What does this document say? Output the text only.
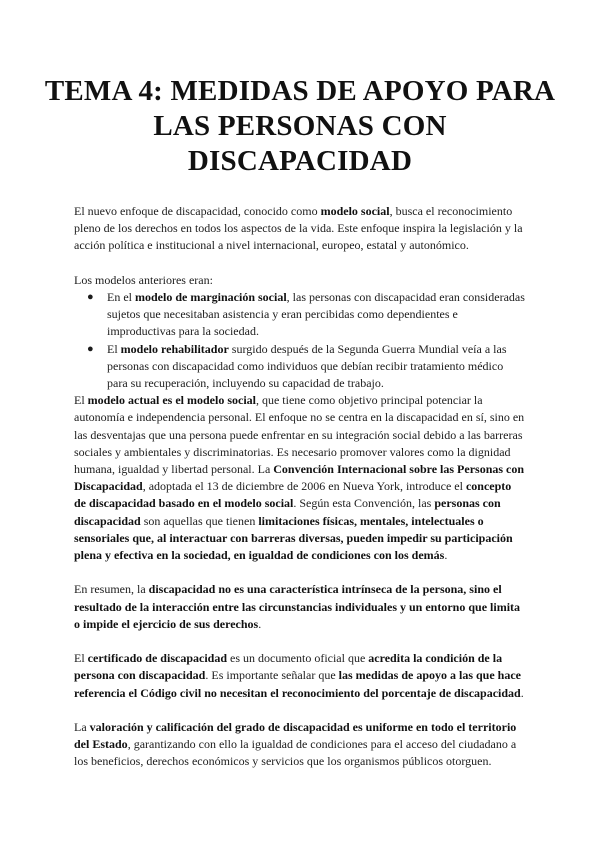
TEMA 4: MEDIDAS DE APOYO PARA LAS PERSONAS CON DISCAPACIDAD

El nuevo enfoque de discapacidad, conocido como modelo social, busca el reconocimiento pleno de los derechos en todos los aspectos de la vida. Este enfoque inspira la legislación y la acción política e institucional a nivel internacional, europeo, estatal y autonómico.

Los modelos anteriores eran:

● En el modelo de marginación social, las personas con discapacidad eran consideradas sujetos que necesitaban asistencia y eran percibidas como dependientes e improductivas para la sociedad.
● El modelo rehabilitador surgido después de la Segunda Guerra Mundial veía a las personas con discapacidad como individuos que debían recibir tratamiento médico para su recuperación, incluyendo su capacidad de trabajo.

El modelo actual es el modelo social, que tiene como objetivo principal potenciar la autonomía e independencia personal. El enfoque no se centra en la discapacidad en sí, sino en las desventajas que una persona puede enfrentar en su integración social debido a las barreras sociales y ambientales y discriminatorias. Es necesario promover valores como la dignidad humana, igualdad y libertad personal. La Convención Internacional sobre las Personas con Discapacidad, adoptada el 13 de diciembre de 2006 en Nueva York, introduce el concepto de discapacidad basado en el modelo social. Según esta Convención, las personas con discapacidad son aquellas que tienen limitaciones físicas, mentales, intelectuales o sensoriales que, al interactuar con barreras diversas, pueden impedir su participación plena y efectiva en la sociedad, en igualdad de condiciones con los demás.

En resumen, la discapacidad no es una característica intrínseca de la persona, sino el resultado de la interacción entre las circunstancias individuales y un entorno que limita o impide el ejercicio de sus derechos.

El certificado de discapacidad es un documento oficial que acredita la condición de la persona con discapacidad. Es importante señalar que las medidas de apoyo a las que hace referencia el Código civil no necesitan el reconocimiento del porcentaje de discapacidad.

La valoración y calificación del grado de discapacidad es uniforme en todo el territorio del Estado, garantizando con ello la igualdad de condiciones para el acceso del ciudadano a los beneficios, derechos económicos y servicios que los organismos públicos otorguen.
